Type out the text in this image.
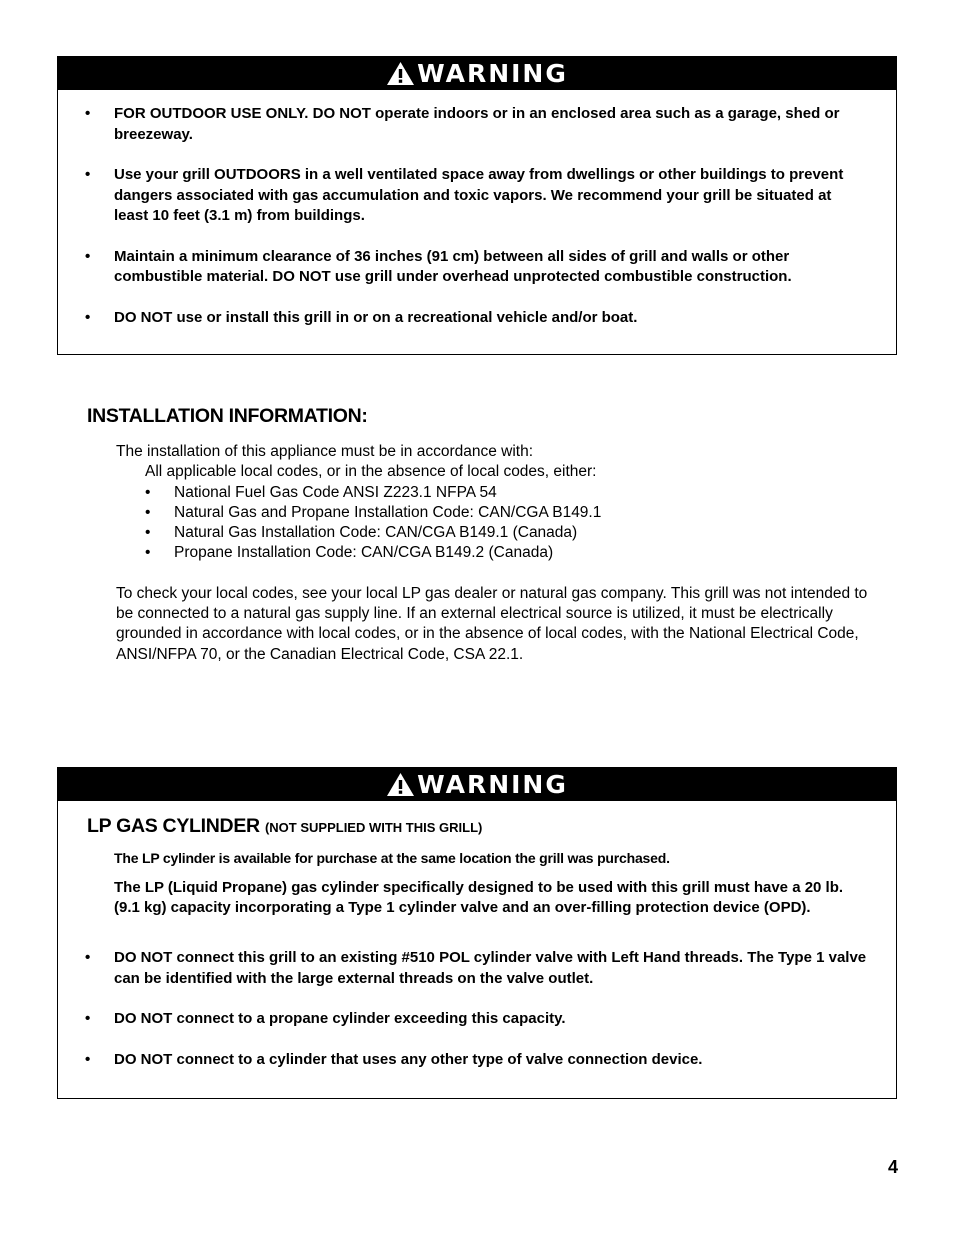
WARNING
• FOR OUTDOOR USE ONLY. DO NOT operate indoors or in an enclosed area such as a garage, shed or breezeway.
• Use your grill OUTDOORS in a well ventilated space away from dwellings or other buildings to prevent dangers associated with gas accumulation and toxic vapors. We recommend your grill be situated at least 10 feet (3.1 m) from buildings.
• Maintain a minimum clearance of 36 inches (91 cm) between all sides of grill and walls or other combustible material. DO NOT use grill under overhead unprotected combustible construction.
• DO NOT use or install this grill in or on a recreational vehicle and/or boat.
INSTALLATION INFORMATION:

The installation of this appliance must be in accordance with:

All applicable local codes, or in the absence of local codes, either:

• National Fuel Gas Code ANSI Z223.1 NFPA 54
• Natural Gas and Propane Installation Code: CAN/CGA B149.1
• Natural Gas Installation Code: CAN/CGA B149.1 (Canada)
• Propane Installation Code: CAN/CGA B149.2 (Canada)

To check your local codes, see your local LP gas dealer or natural gas company. This grill was not intended to be connected to a natural gas supply line. If an external electrical source is utilized, it must be electrically grounded in accordance with local codes, or in the absence of local codes, with the National Electrical Code, ANSI/NFPA 70, or the Canadian Electrical Code, CSA 22.1.

WARNING
LP GAS CYLINDER (NOT SUPPLIED WITH THIS GRILL)

The LP cylinder is available for purchase at the same location the grill was purchased.

The LP (Liquid Propane) gas cylinder specifically designed to be used with this grill must have a 20 lb. (9.1 kg) capacity incorporating a Type 1 cylinder valve and an over-filling protection device (OPD).

• DO NOT connect this grill to an existing #510 POL cylinder valve with Left Hand threads. The Type 1 valve can be identified with the large external threads on the valve outlet.
• DO NOT connect to a propane cylinder exceeding this capacity.
• DO NOT connect to a cylinder that uses any other type of valve connection device.
4
